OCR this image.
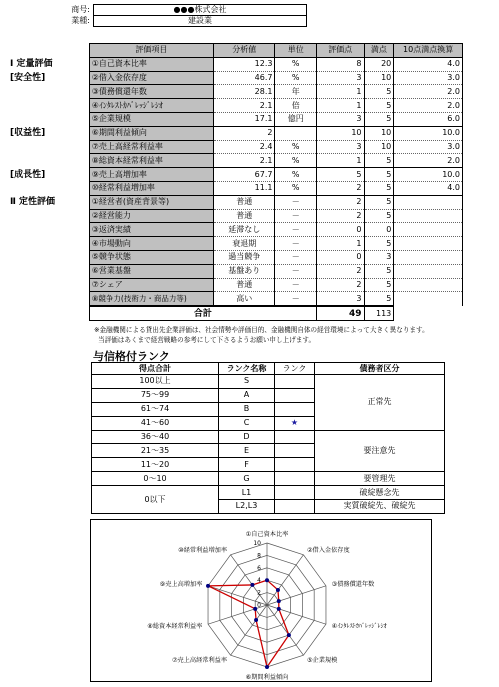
商号:	●●●株式会社
業種:	建設業
	評価項目	分析値	単位	評価点	満点	10点満点換算
Ⅰ 定量評価	①自己資本比率	12.3	%	8	20	4.0
[安全性]	②借入金依存度	46.7	%	3	10	3.0
	③債務償還年数	28.1	年	1	5	2.0
	④ｲﾝﾀﾚｽﾄｶﾊﾞﾚｯｼﾞﾚｼｵ	2.1	倍	1	5	2.0
	⑤企業規模	17.1	億円	3	5	6.0
[収益性]	⑥期間利益傾向	2		10	10	10.0
	⑦売上高経常利益率	2.4	%	3	10	3.0
	⑧総資本経常利益率	2.1	%	1	5	2.0
[成長性]	⑨売上高増加率	67.7	%	5	5	10.0
	⑩経常利益増加率	11.1	%	2	5	4.0
Ⅱ 定性評価	①経営者(資産背景等)	普通	－	2	5	
	②経営能力	普通	－	2	5	
	③返済実績	延滞なし	－	0	0	
	④市場動向	衰退期	－	1	5	
	⑤競争状態	過当競争	－	0	3	
	⑥営業基盤	基盤あり	－	2	5	
	⑦シェア	普通	－	2	5	
	⑧競争力(技術力・商品力等)	高い	－	3	5	
	合計			49	113	
※金融機関による貸出先企業評価は、社会情勢や評価目的、金融機関自体の経営環境によって大きく異なります。
当評価はあくまで経営戦略の参考にして下さるようお願い申し上げます。
与信格付ランク
得点合計	ランク名称	ランク	債務者区分
100以上	S		正常先
75～99	A		
61～74	B		
41～60	C	★	
36～40	D		要注意先
21～35	E		
11～20	F		
0～10	G		要管理先
0以下	L1		破綻懸念先
	L2,L3		実質破綻先、破綻先
0
2
4
6
8
10
①自己資本比率
②借入金依存度
③債務償還年数
④ｲﾝﾀﾚｽﾄｶﾊﾞﾚｯｼﾞﾚｼｵ
⑤企業規模
⑥期間利益傾向
⑦売上高経常利益率
⑧総資本経常利益率
⑨売上高増加率
⑩経常利益増加率
